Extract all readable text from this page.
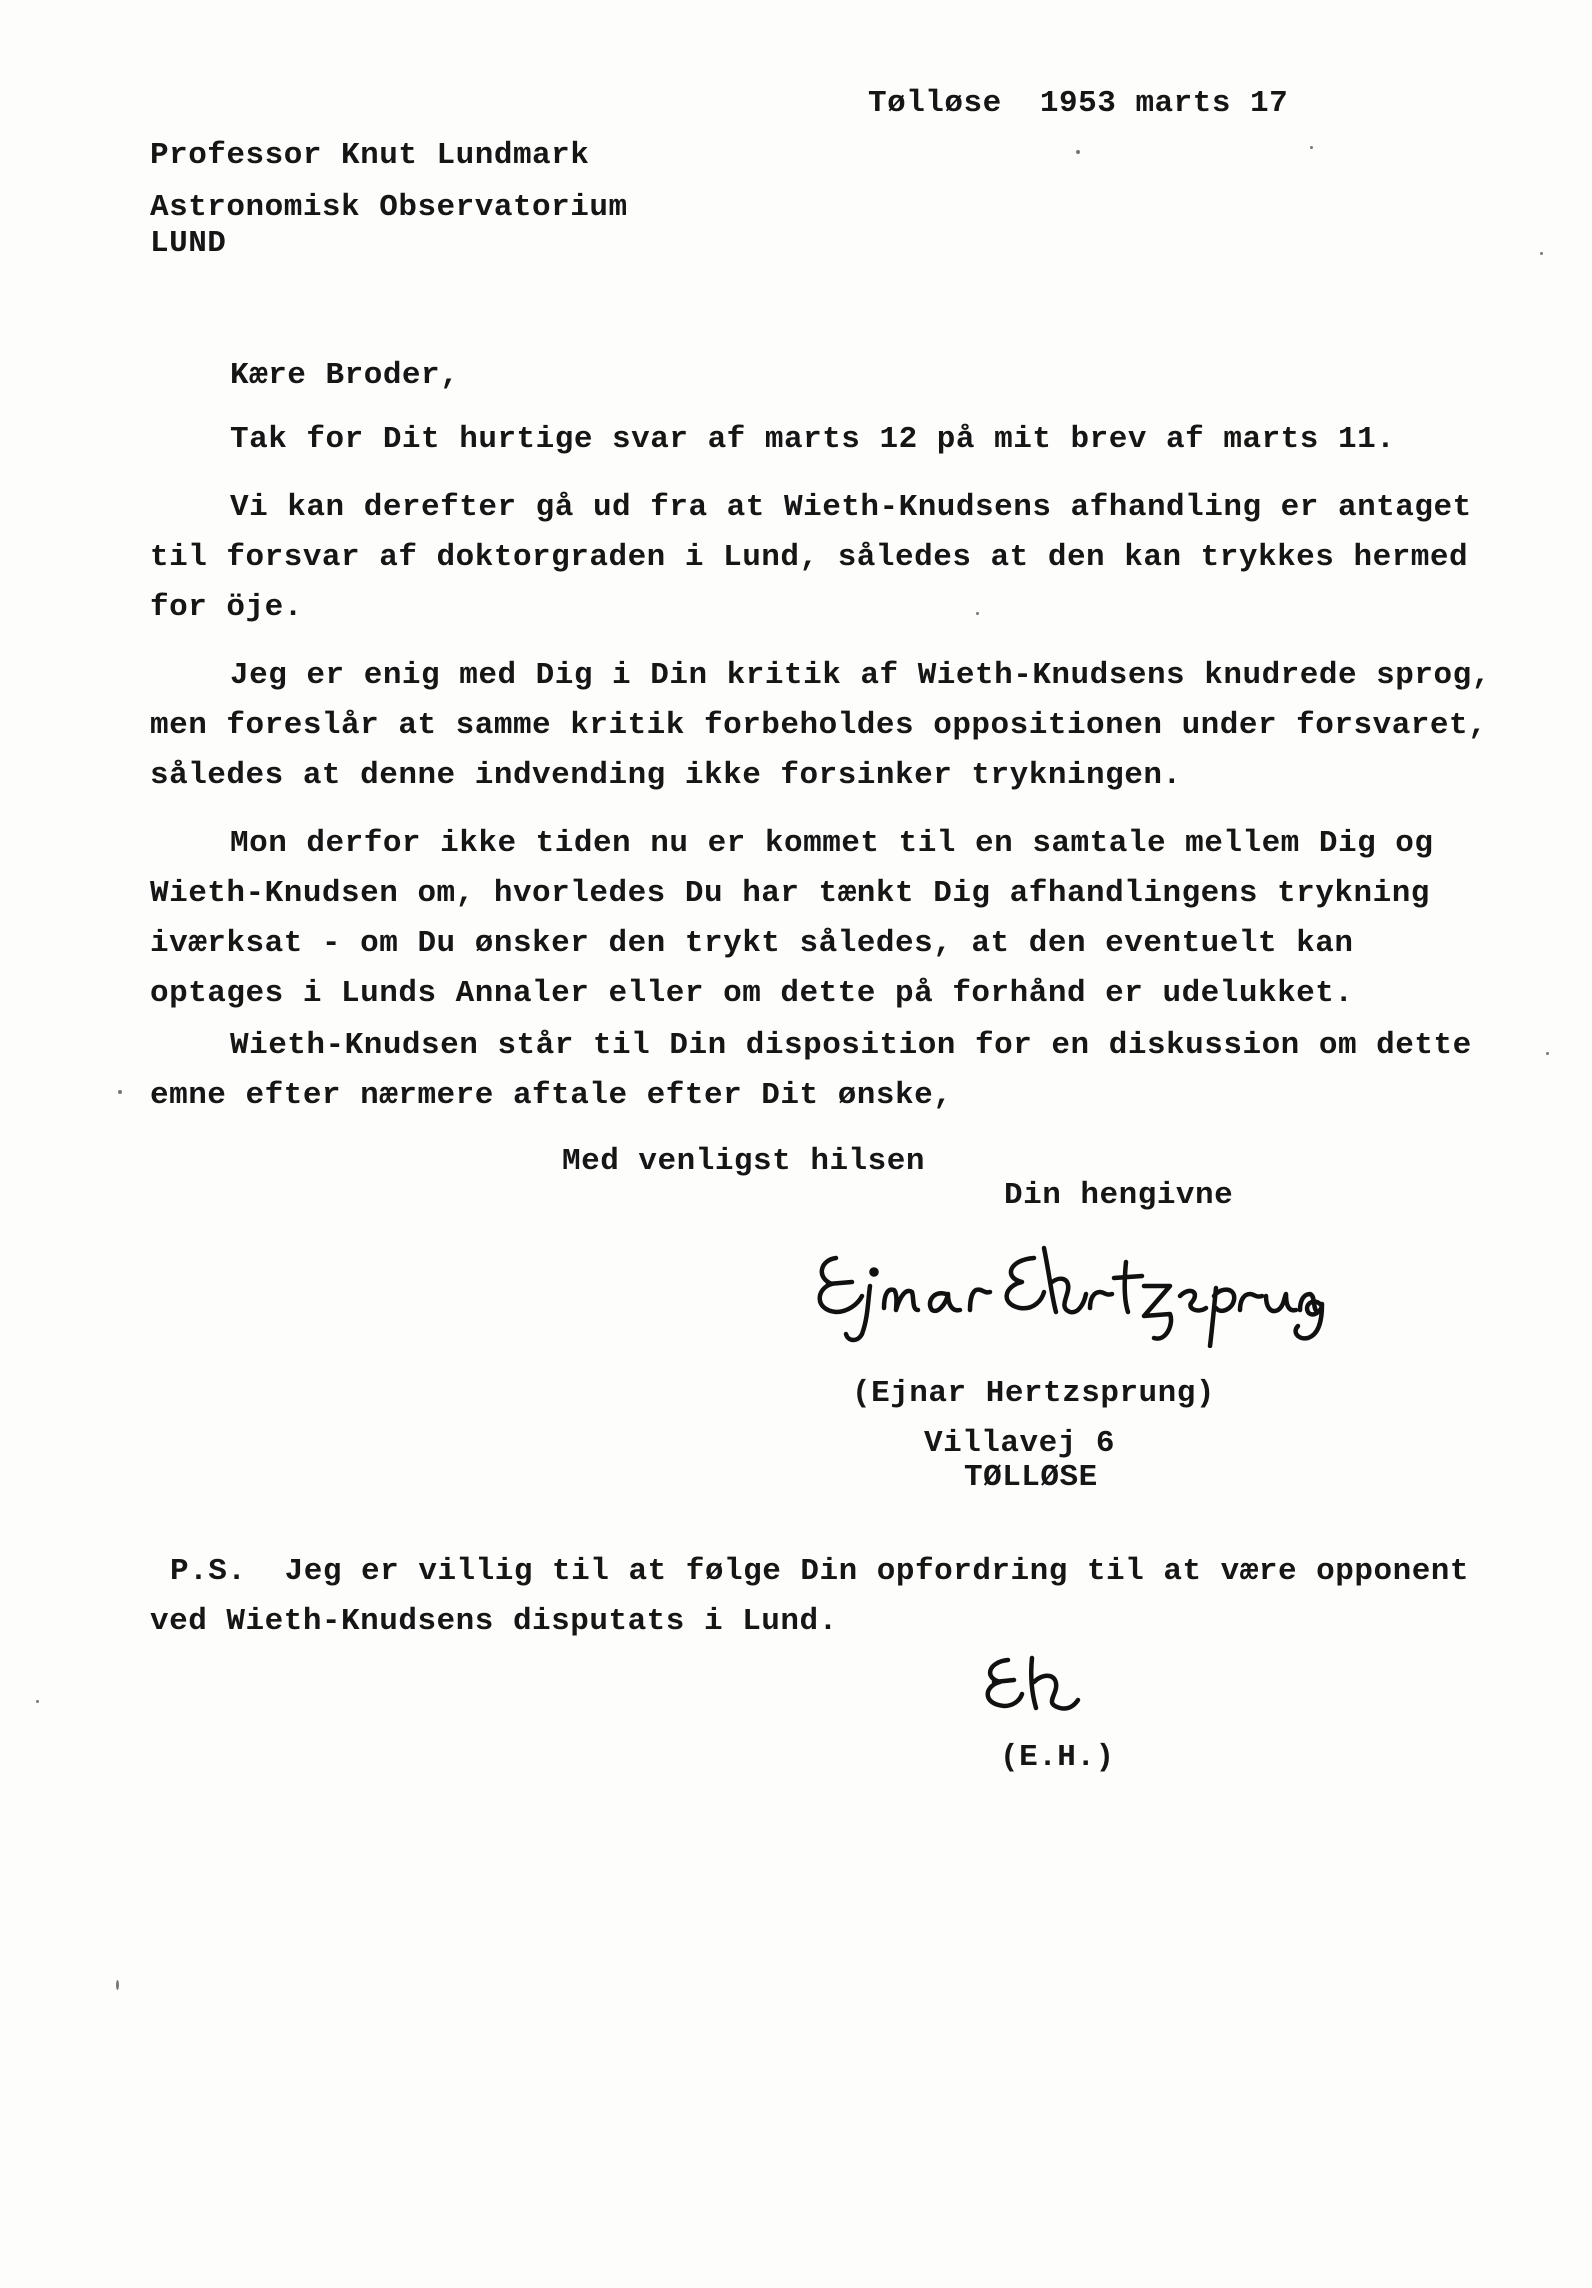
Tølløse  1953 marts 17
Professor Knut Lundmark
Astronomisk Observatorium
LUND
Kære Broder,
Tak for Dit hurtige svar af marts 12 på mit brev af marts 11.
Vi kan derefter gå ud fra at Wieth-Knudsens afhandling er antaget
til forsvar af doktorgraden i Lund, således at den kan trykkes hermed
for öje.
Jeg er enig med Dig i Din kritik af Wieth-Knudsens knudrede sprog,
men foreslår at samme kritik forbeholdes oppositionen under forsvaret,
således at denne indvending ikke forsinker trykningen.
Mon derfor ikke tiden nu er kommet til en samtale mellem Dig og
Wieth-Knudsen om, hvorledes Du har tænkt Dig afhandlingens trykning
iværksat - om Du ønsker den trykt således, at den eventuelt kan
optages i Lunds Annaler eller om dette på forhånd er udelukket.
Wieth-Knudsen står til Din disposition for en diskussion om dette
emne efter nærmere aftale efter Dit ønske,
Med venligst hilsen
Din hengivne
(Ejnar Hertzsprung)
Villavej 6
TØLLØSE
P.S.  Jeg er villig til at følge Din opfordring til at være opponent
ved Wieth-Knudsens disputats i Lund.
(E.H.)
